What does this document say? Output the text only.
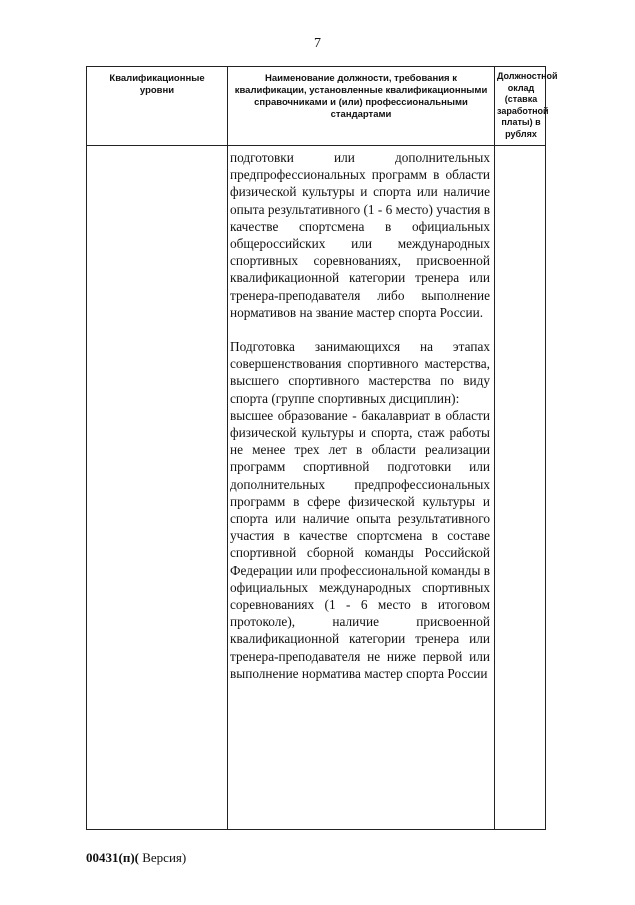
7
Квалификационные уровни
Наименование должности, требования к квалификации, установленные квалификационными справочниками и (или) профессиональными стандартами
Должностной оклад (ставка заработной платы) в рублях

подготовки или дополнительных предпрофессиональных программ в области физической культуры и спорта или наличие опыта результативного (1 - 6 место) участия в качестве спортсмена в официальных общероссийских или международных спортивных соревнованиях, присвоенной квалификационной категории тренера или тренера-преподавателя либо выполнение нормативов на звание мастер спорта России.

Подготовка занимающихся на этапах совершенствования спортивного мастерства, высшего спортивного мастерства по виду спорта (группе спортивных дисциплин):

высшее образование - бакалавриат в области физической культуры и спорта, стаж работы не менее трех лет в области реализации программ спортивной подготовки или дополнительных предпрофессиональных программ в сфере физической культуры и спорта или наличие опыта результативного участия в качестве спортсмена в составе спортивной сборной команды Российской Федерации или профессиональной команды в официальных международных спортивных соревнованиях (1 - 6 место в итоговом протоколе), наличие присвоенной квалификационной категории тренера или тренера-преподавателя не ниже первой или выполнение норматива мастер спорта России

00431(п)( Версия)
